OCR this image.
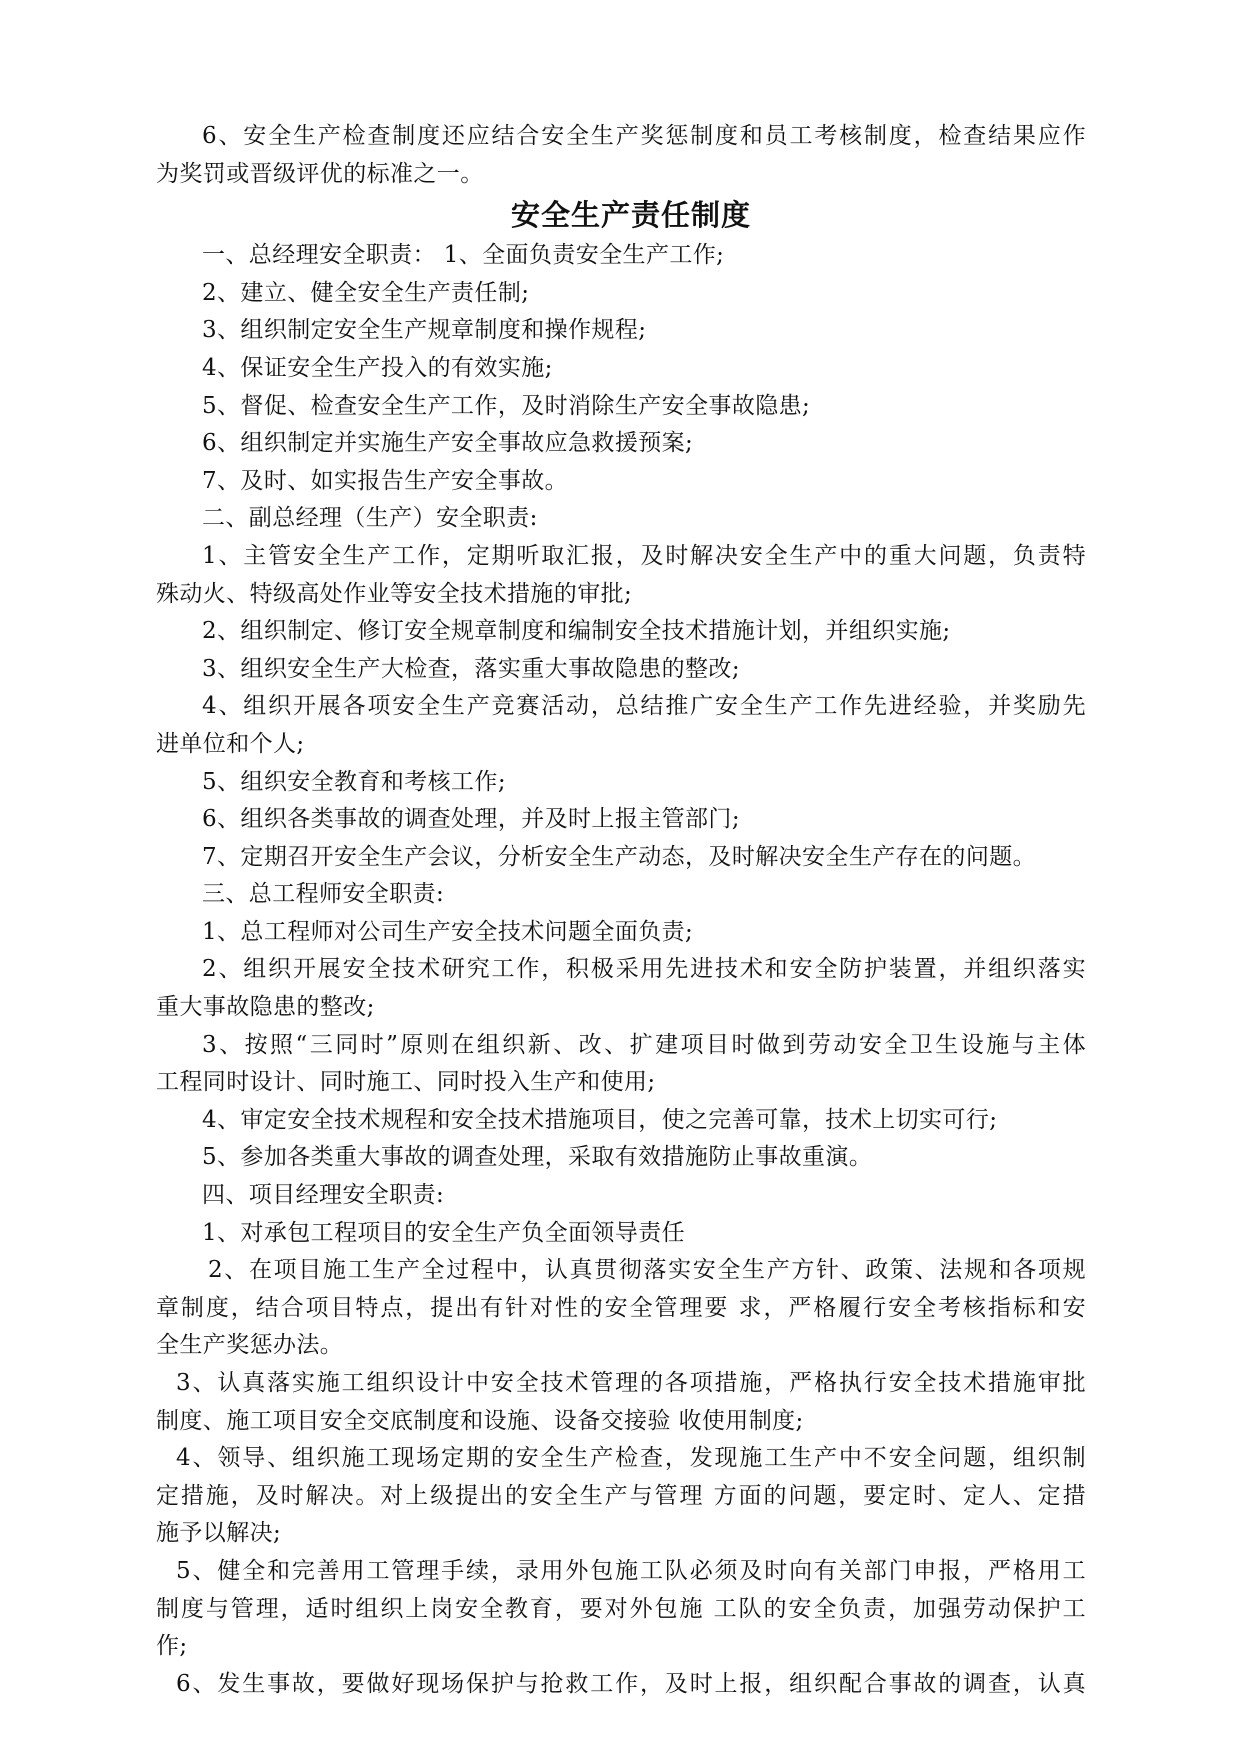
6、安全生产检查制度还应结合安全生产奖惩制度和员工考核制度，检查结果应作
为奖罚或晋级评优的标准之一。
安全生产责任制度
一、总经理安全职责： 1、全面负责安全生产工作;
2、建立、健全安全生产责任制;
3、组织制定安全生产规章制度和操作规程;
4、保证安全生产投入的有效实施;
5、督促、检查安全生产工作，及时消除生产安全事故隐患;
6、组织制定并实施生产安全事故应急救援预案;
7、及时、如实报告生产安全事故。
二、副总经理（生产）安全职责:
1、主管安全生产工作，定期听取汇报，及时解决安全生产中的重大问题，负责特
殊动火、特级高处作业等安全技术措施的审批;
2、组织制定、修订安全规章制度和编制安全技术措施计划，并组织实施;
3、组织安全生产大检查，落实重大事故隐患的整改;
4、组织开展各项安全生产竞赛活动，总结推广安全生产工作先进经验，并奖励先
进单位和个人;
5、组织安全教育和考核工作;
6、组织各类事故的调查处理，并及时上报主管部门;
7、定期召开安全生产会议，分析安全生产动态，及时解决安全生产存在的问题。
三、总工程师安全职责:
1、总工程师对公司生产安全技术问题全面负责;
2、组织开展安全技术研究工作，积极采用先进技术和安全防护装置，并组织落实
重大事故隐患的整改;
3、按照“三同时”原则在组织新、改、扩建项目时做到劳动安全卫生设施与主体
工程同时设计、同时施工、同时投入生产和使用;
4、审定安全技术规程和安全技术措施项目，使之完善可靠，技术上切实可行;
5、参加各类重大事故的调查处理，采取有效措施防止事故重演。
四、项目经理安全职责:
1、对承包工程项目的安全生产负全面领导责任
2、在项目施工生产全过程中，认真贯彻落实安全生产方针、政策、法规和各项规
章制度，结合项目特点，提出有针对性的安全管理要 求，严格履行安全考核指标和安
全生产奖惩办法。
3、认真落实施工组织设计中安全技术管理的各项措施，严格执行安全技术措施审批
制度、施工项目安全交底制度和设施、设备交接验 收使用制度;
4、领导、组织施工现场定期的安全生产检查，发现施工生产中不安全问题，组织制
定措施，及时解决。对上级提出的安全生产与管理 方面的问题，要定时、定人、定措
施予以解决;
5、健全和完善用工管理手续，录用外包施工队必须及时向有关部门申报，严格用工
制度与管理，适时组织上岗安全教育，要对外包施 工队的安全负责，加强劳动保护工
作;
6、发生事故，要做好现场保护与抢救工作，及时上报，组织配合事故的调查，认真
